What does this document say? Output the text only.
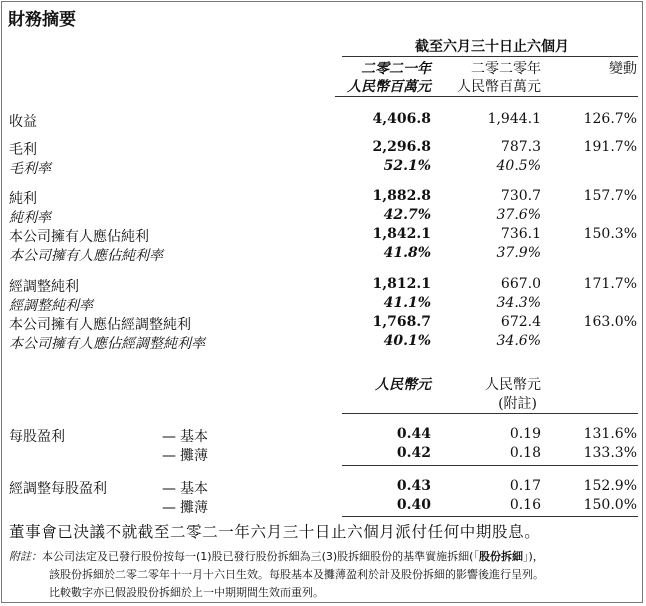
財務摘要
截至六月三十日止六個月
二零二一年	二零二零年	變動
人民幣百萬元 人民幣百萬元
收益	4,406.8	1,944.1	126.7%
毛利	2,296.8	787.3	191.7%
毛利率	52.1%	40.5%
純利	1,882.8	730.7	157.7%
純利率	42.7%	37.6%
本公司擁有人應佔純利	1,842.1	736.1	150.3%
本公司擁有人應佔純利率	41.8%	37.9%
經調整純利	1,812.1	667.0	171.7%
經調整純利率	41.1%	34.3%
本公司擁有人應佔經調整純利	1,768.7	672.4	163.0%
本公司擁有人應佔經調整純利率	40.1%	34.6%
人民幣元	人民幣元
(附註)
每股盈利	— 基本	0.44	0.19	131.6%
— 攤薄	0.42	0.18	133.3%
經調整每股盈利	— 基本	0.43	0.17	152.9%
— 攤薄	0.40	0.16	150.0%
董事會已決議不就截至二零二一年六月三十日止六個月派付任何中期股息。
附註：本公司法定及已發行股份按每一(1)股已發行股份拆細為三(3)股拆細股份的基準實施拆細(「股份拆細」)，
該股份拆細於二零二零年十一月十六日生效。每股基本及攤薄盈利於計及股份拆細的影響後進行呈列。
比較數字亦已假設股份拆細於上一中期期間生效而重列。
